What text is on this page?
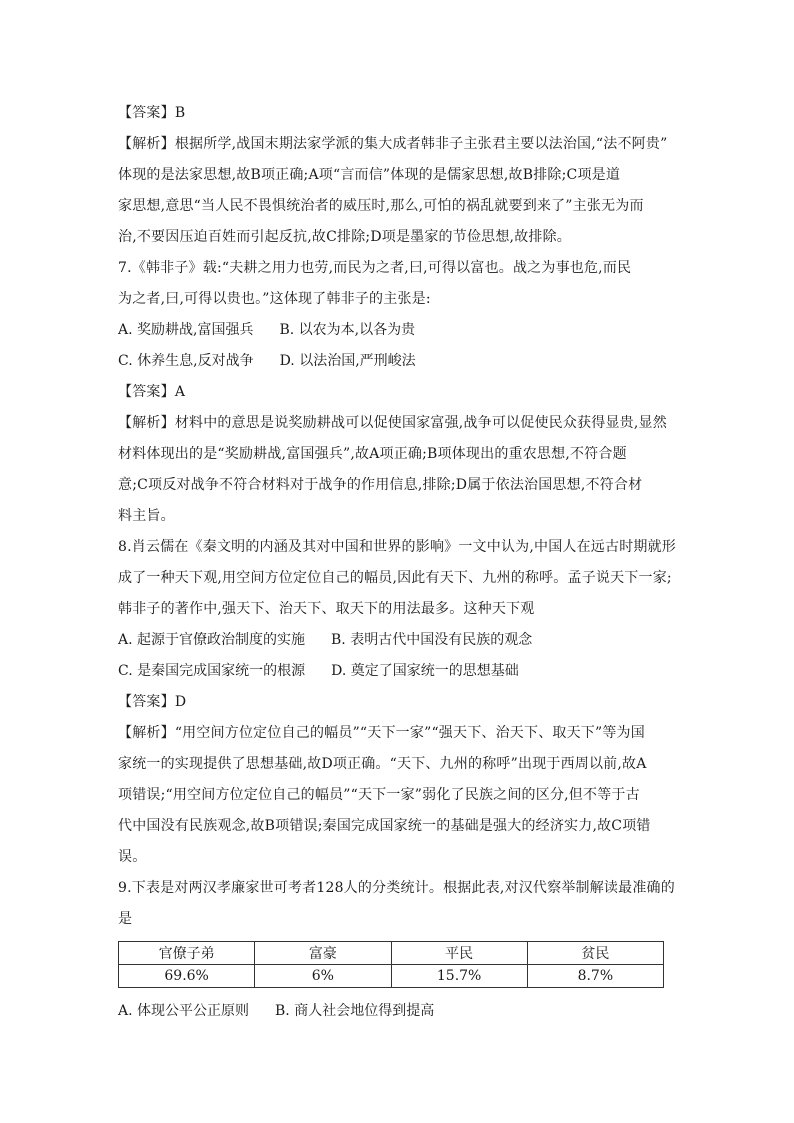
【答案】B
【解析】根据所学,战国末期法家学派的集大成者韩非子主张君主要以法治国,“法不阿贵”
体现的是法家思想,故B项正确;A项“言而信”体现的是儒家思想,故B排除;C项是道
家思想,意思“当人民不畏惧统治者的威压时,那么,可怕的祸乱就要到来了”主张无为而
治,不要因压迫百姓而引起反抗,故C排除;D项是墨家的节俭思想,故排除。
7.《韩非子》载:“夫耕之用力也劳,而民为之者,曰,可得以富也。战之为事也危,而民
为之者,曰,可得以贵也。”这体现了韩非子的主张是:
A. 奖励耕战,富国强兵 B. 以农为本,以各为贵
C. 休养生息,反对战争 D. 以法治国,严刑峻法
【答案】A
【解析】材料中的意思是说奖励耕战可以促使国家富强,战争可以促使民众获得显贵,显然
材料体现出的是“奖励耕战,富国强兵”,故A项正确;B项体现出的重农思想,不符合题
意;C项反对战争不符合材料对于战争的作用信息,排除;D属于依法治国思想,不符合材
料主旨。
8.肖云儒在《秦文明的内涵及其对中国和世界的影响》一文中认为,中国人在远古时期就形
成了一种天下观,用空间方位定位自己的幅员,因此有天下、九州的称呼。孟子说天下一家;
韩非子的著作中,强天下、治天下、取天下的用法最多。这种天下观
A. 起源于官僚政治制度的实施 B. 表明古代中国没有民族的观念
C. 是秦国完成国家统一的根源 D. 奠定了国家统一的思想基础
【答案】D
【解析】“用空间方位定位自己的幅员”“天下一家”“强天下、治天下、取天下”等为国
家统一的实现提供了思想基础,故D项正确。“天下、九州的称呼”出现于西周以前,故A
项错误;“用空间方位定位自己的幅员”“天下一家”弱化了民族之间的区分,但不等于古
代中国没有民族观念,故B项错误;秦国完成国家统一的基础是强大的经济实力,故C项错
误。
9.下表是对两汉孝廉家世可考者128人的分类统计。根据此表,对汉代察举制解读最准确的
是
官僚子弟	富豪	平民	贫民
69.6%	6%	15.7%	8.7%
A. 体现公平公正原则 B. 商人社会地位得到提高
